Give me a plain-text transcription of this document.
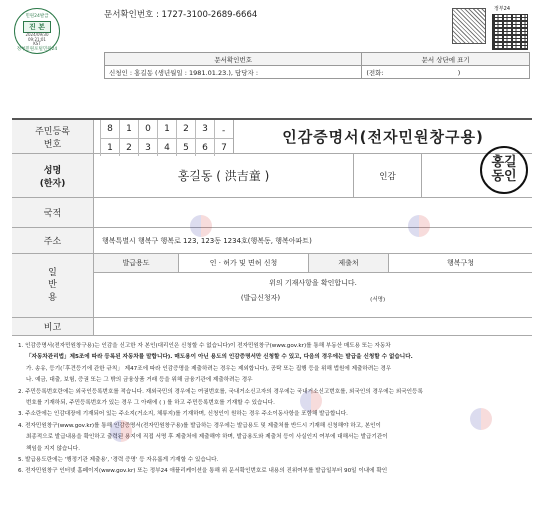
문서확인번호 : 1727-3100-2689-6664
민원24발급
진 본
2024/09/30
09:21:01
KST
정부민원포털민원24
정부24
문서확인번호	문서 상단에 표기
신청인 : 홍길동 (생년월일 : 1981.01.23.), 담당자 :	(전화: )
주민등록
번호
8	1	0	1	2	3
1	2	3	4	5	6	7
-	인감증명서(전자민원창구용)
성명
(한자)
홍길동 ( 洪吉童 )	인감
홍길
동인
국적
주소	행복특별시 행복구 행복로 123, 123동 1234호(행복동, 행복아파트)
일
반
용
발급용도	인 · 허가 및 면허 신청	제출처	행복구청
위의 기재사항을 확인합니다.
(발급신청자)	(서명)
비고

1. 인감증명서(전자민원창구용)는 인감을 신고한 자 본인(대리인은 신청할 수 없습니다)이 전자민원창구(www.gov.kr)를 통해 부동산 매도용 또는 자동차

「자동차관리법」제5조에 따라 등록된 자동차를 말합니다). 매도용이 아닌 용도의 인감증명서만 신청할 수 있고, 다음의 경우에는 발급을 신청할 수 없습니다.

가. 송유, 등기(「후견등기에 관한 규칙」 제47조에 따라 인감증명을 제출하려는 경우는 제외합니다), 공탁 또는 집행 등을 위해 법원에 제출하려는 경우

나. 예금, 대출, 보험, 증권 또는 그 밖의 금융상품 거래 등을 위해 금융기관에 제출하려는 경우

2. 주민등록번호란에는 외국인등록번호를 적습니다. 재외국민의 경우에는 여권번호를, 국내거소신고자의 경우에는 국내거소신고번호를, 외국인의 경우에는 외국인등록

번호를 기재하되, 주민등록번호가 있는 경우 그 아래에 ( ) 를 하고 주민등록번호를 기재할 수 있습니다.

3. 주소란에는 인감대장에 기재되어 있는 주소지(거소지, 체류지)를 기재하며, 신청인이 원하는 경우 주소이동사항을 포함해 발급합니다.

4. 전자민원창구(www.gov.kr)를 통해 인감증명서(전자민원창구용)를 발급하는 경우에는 발급용도 및 제출처를 반드시 기재해 신청해야 하고, 본인이

최종적으로 발급내용을 확인하고 출력된 용지에 직접 서명 후 제출처에 제출해야 하며, 발급용도와 제출처 등이 사실인지 여부에 대해서는 발급기관이

책임을 지지 않습니다.

5. 발급용도란에는 '행정기관 제출용', '경력 증명' 등 자유롭게 기재할 수 있습니다.

6. 전자민원창구 인터넷 홈페이지(www.gov.kr) 또는 정부24 애플리케이션을 통해 위 문서확인번호로 내용의 진위여부를 발급일부터 90일 이내에 확인
